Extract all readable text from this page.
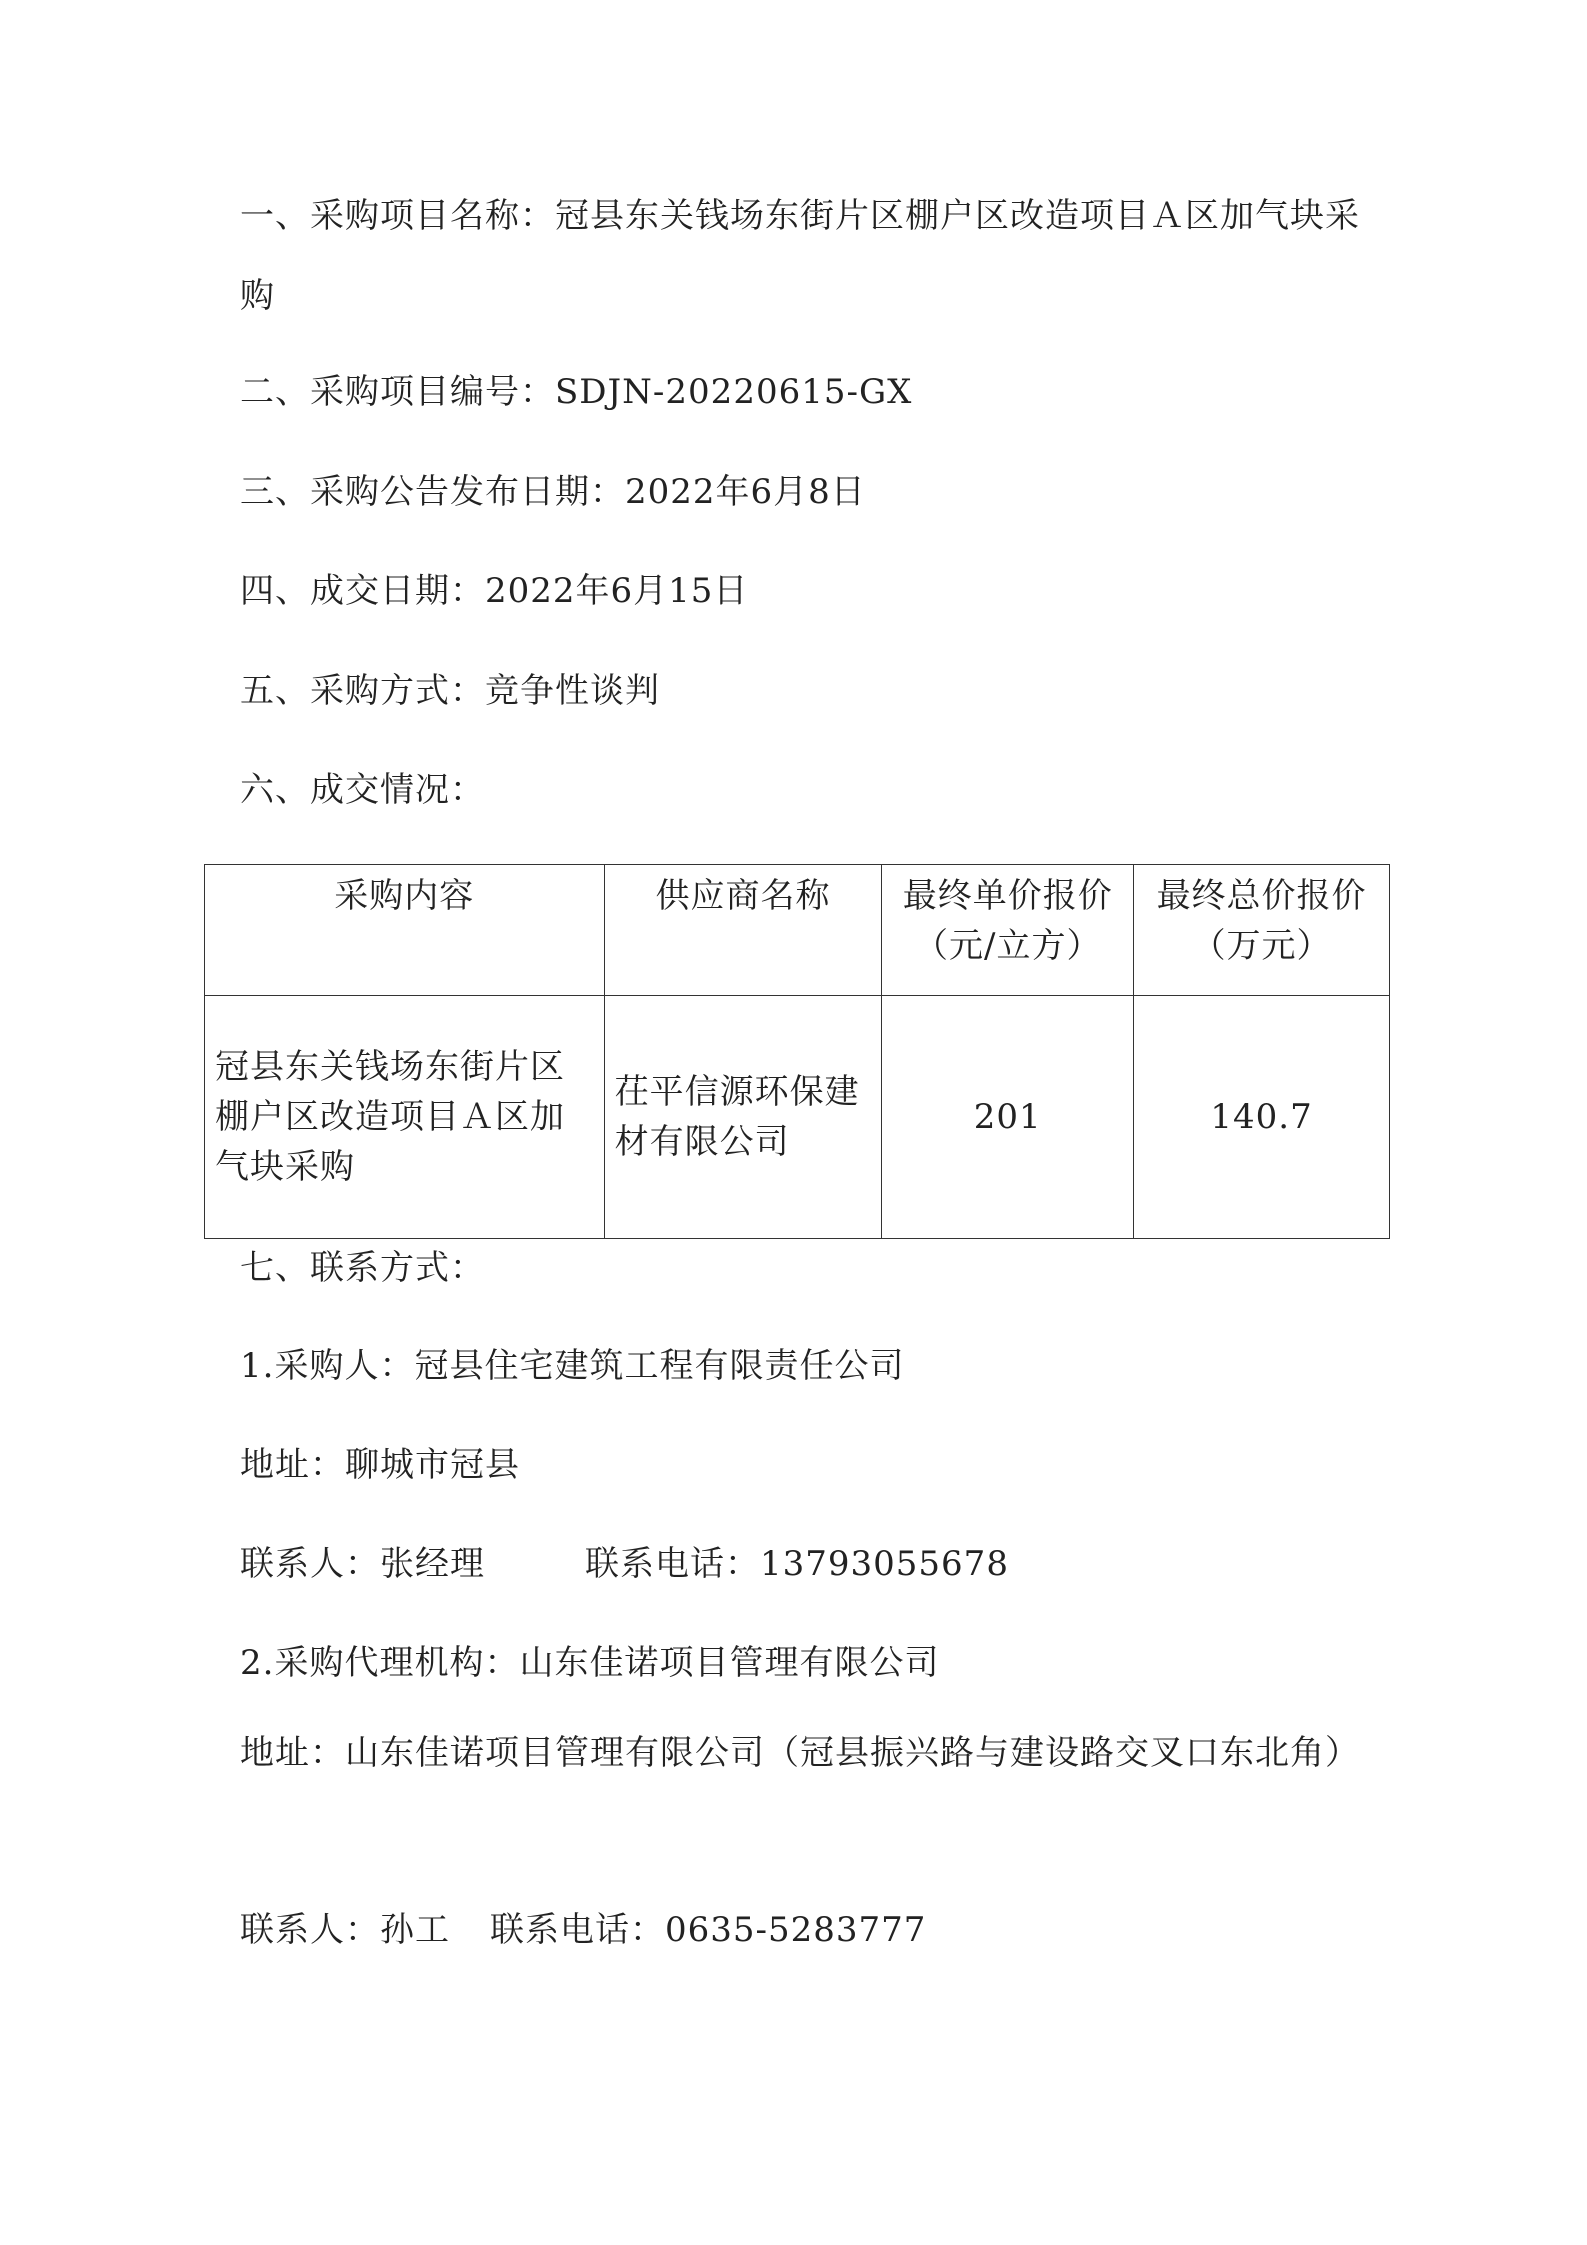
一、采购项目名称：冠县东关钱场东街片区棚户区改造项目Ａ区加气块采购
二、采购项目编号：SDJN-20220615-GX
三、采购公告发布日期：2022年6月8日
四、成交日期：2022年6月15日
五、采购方式：竞争性谈判
六、成交情况：
采购内容	供应商名称	最终单价报价（元/立方）	最终总价报价（万元）
冠县东关钱场东街片区棚户区改造项目Ａ区加气块采购	茌平信源环保建材有限公司	201	140.7
七、联系方式：
1.采购人：冠县住宅建筑工程有限责任公司
地址：聊城市冠县
联系人：张经理	联系电话：13793055678
2.采购代理机构：山东佳诺项目管理有限公司
地址：山东佳诺项目管理有限公司（冠县振兴路与建设路交叉口东北角）
联系人：孙工 联系电话：0635-5283777
